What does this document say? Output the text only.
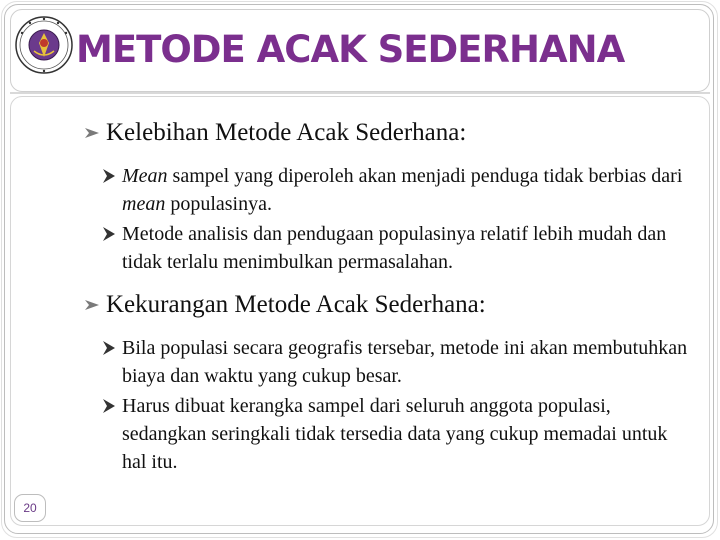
METODE ACAK SEDERHANA
Kelebihan Metode Acak Sederhana:
Mean sampel yang diperoleh akan menjadi penduga tidak berbias dari mean populasinya.
Metode analisis dan pendugaan populasinya relatif lebih mudah dan tidak terlalu menimbulkan permasalahan.
Kekurangan Metode Acak Sederhana:
Bila populasi secara geografis tersebar, metode ini akan membutuhkan biaya dan waktu yang cukup besar.
Harus dibuat kerangka sampel dari seluruh anggota populasi, sedangkan seringkali tidak tersedia data yang cukup memadai untuk hal itu.
20
